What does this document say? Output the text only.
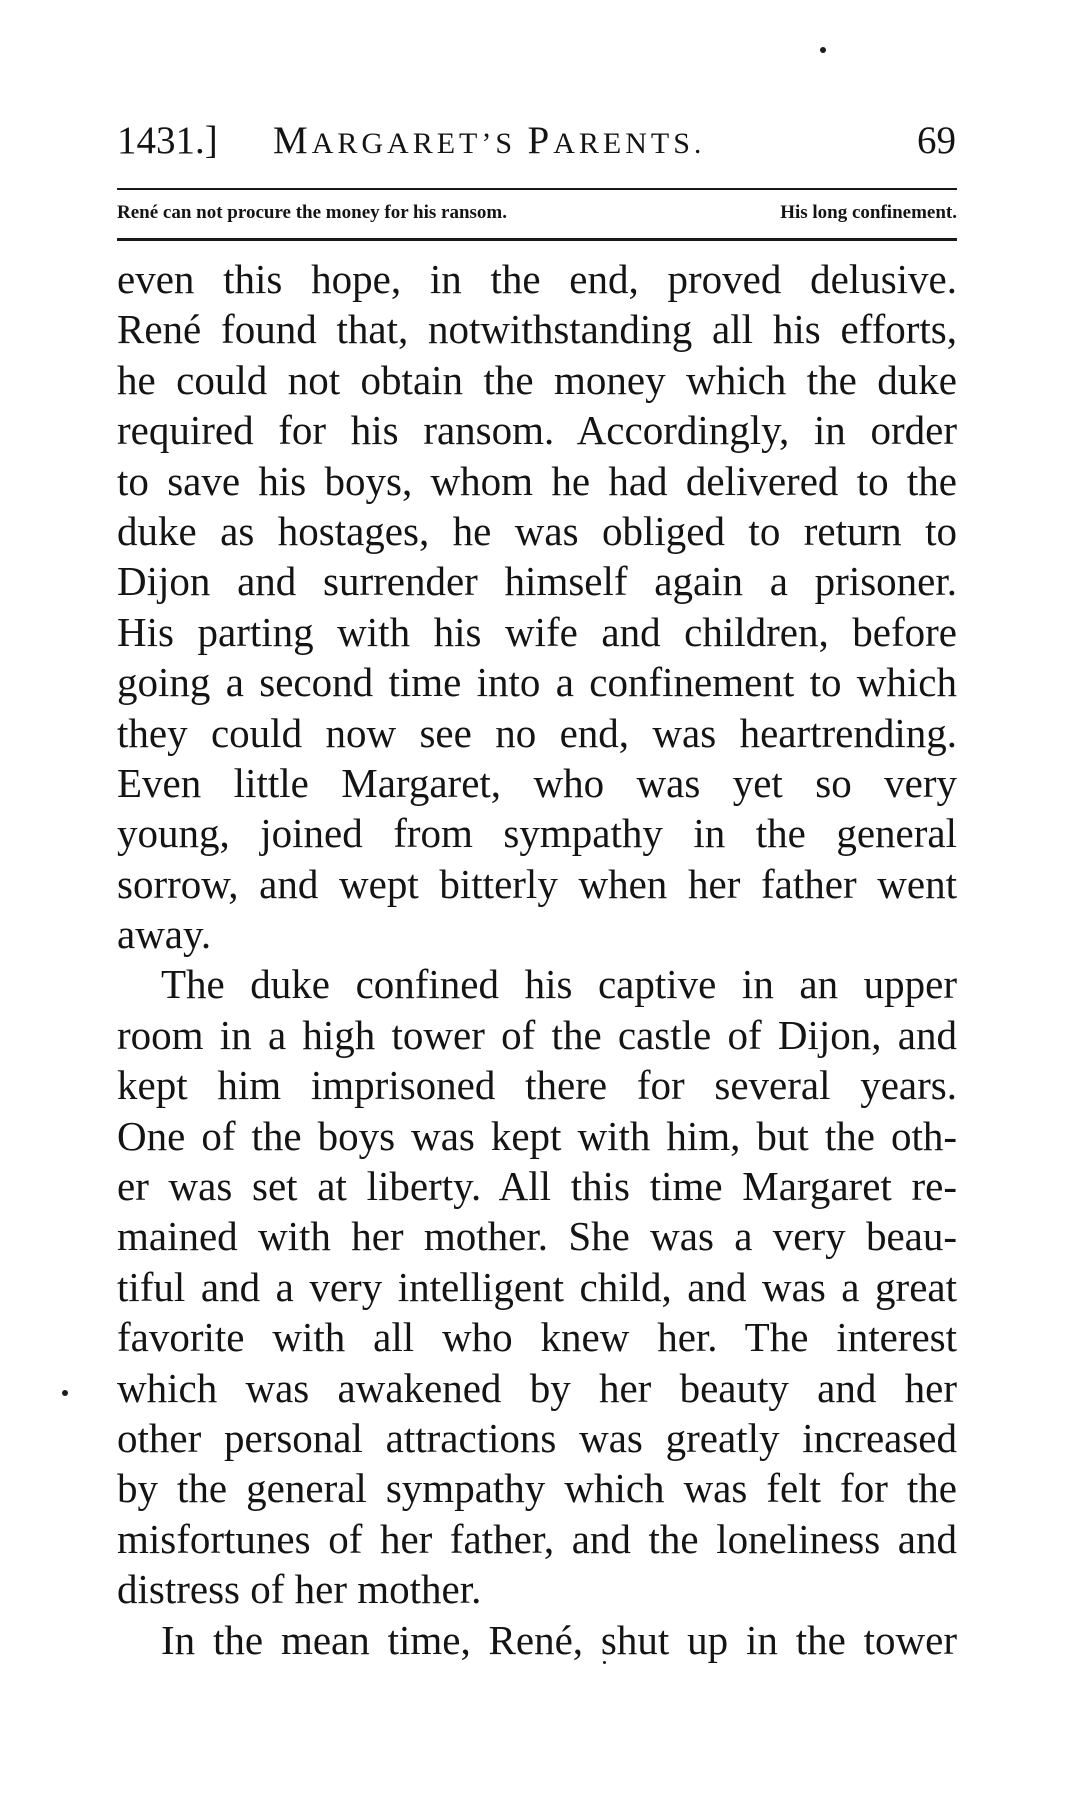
1431.] MARGARET’S PARENTS.	69
René can not procure the money for his ransom.	His long confinement.
even this hope, in the end, proved delusive.
René found that, notwithstanding all his efforts,
he could not obtain the money which the duke
required for his ransom. Accordingly, in order
to save his boys, whom he had delivered to the
duke as hostages, he was obliged to return to
Dijon and surrender himself again a prisoner.
His parting with his wife and children, before
going a second time into a confinement to which
they could now see no end, was heartrending.
Even little Margaret, who was yet so very
young, joined from sympathy in the general
sorrow, and wept bitterly when her father went
away.
The duke confined his captive in an upper
room in a high tower of the castle of Dijon, and
kept him imprisoned there for several years.
One of the boys was kept with him, but the oth-
er was set at liberty. All this time Margaret re-
mained with her mother. She was a very beau-
tiful and a very intelligent child, and was a great
favorite with all who knew her. The interest
which was awakened by her beauty and her
other personal attractions was greatly increased
by the general sympathy which was felt for the
misfortunes of her father, and the loneliness and
distress of her mother.
In the mean time, René, shut up in the tower
